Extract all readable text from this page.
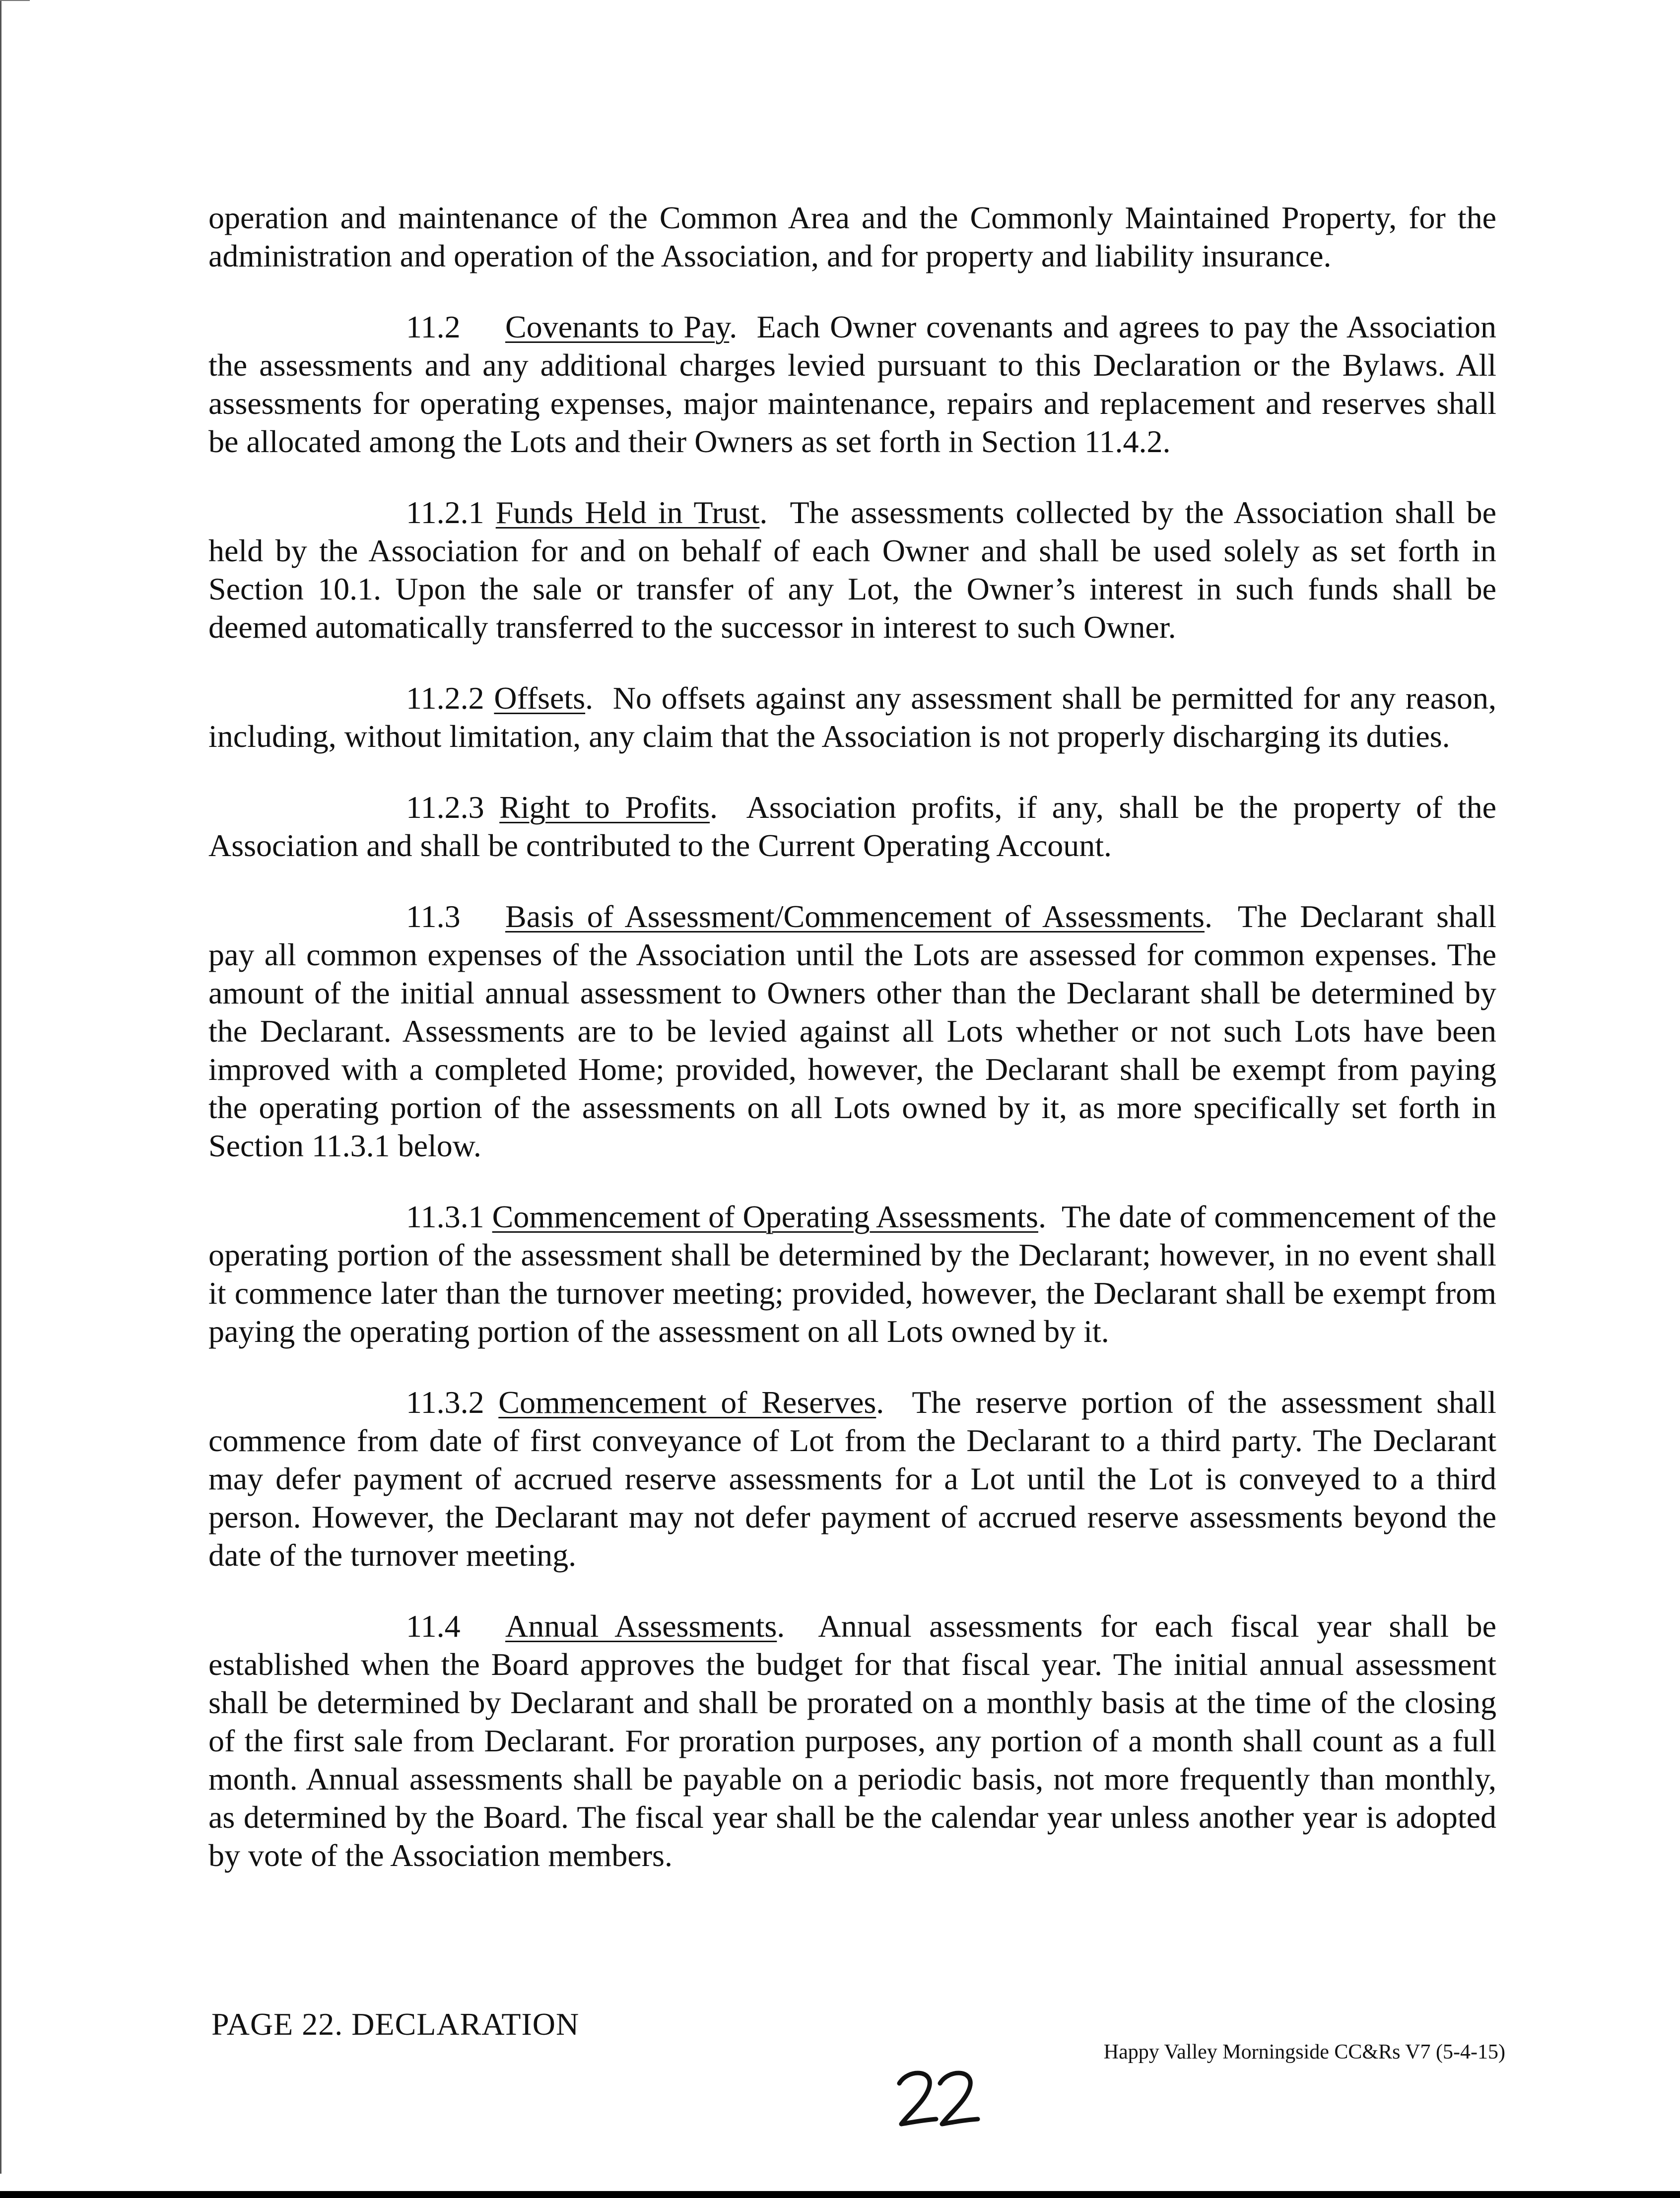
operation and maintenance of the Common Area and the Commonly Maintained Property, for the administration and operation of the Association, and for property and liability insurance.

11.2 Covenants to Pay.  Each Owner covenants and agrees to pay the Association the assessments and any additional charges levied pursuant to this Declaration or the Bylaws. All assessments for operating expenses, major maintenance, repairs and replacement and reserves shall be allocated among the Lots and their Owners as set forth in Section 11.4.2.

11.2.1 Funds Held in Trust.  The assessments collected by the Association shall be held by the Association for and on behalf of each Owner and shall be used solely as set forth in Section 10.1. Upon the sale or transfer of any Lot, the Owner’s interest in such funds shall be deemed automatically transferred to the successor in interest to such Owner.

11.2.2 Offsets.  No offsets against any assessment shall be permitted for any reason, including, without limitation, any claim that the Association is not properly discharging its duties.

11.2.3 Right to Profits.  Association profits, if any, shall be the property of the Association and shall be contributed to the Current Operating Account.

11.3 Basis of Assessment/Commencement of Assessments.  The Declarant shall pay all common expenses of the Association until the Lots are assessed for common expenses. The amount of the initial annual assessment to Owners other than the Declarant shall be determined by the Declarant. Assessments are to be levied against all Lots whether or not such Lots have been improved with a completed Home; provided, however, the Declarant shall be exempt from paying the operating portion of the assessments on all Lots owned by it, as more specifically set forth in Section 11.3.1 below.

11.3.1 Commencement of Operating Assessments.  The date of commencement of the operating portion of the assessment shall be determined by the Declarant; however, in no event shall it commence later than the turnover meeting; provided, however, the Declarant shall be exempt from paying the operating portion of the assessment on all Lots owned by it.

11.3.2 Commencement of Reserves.  The reserve portion of the assessment shall commence from date of first conveyance of Lot from the Declarant to a third party. The Declarant may defer payment of accrued reserve assessments for a Lot until the Lot is conveyed to a third person. However, the Declarant may not defer payment of accrued reserve assessments beyond the date of the turnover meeting.

11.4 Annual Assessments.  Annual assessments for each fiscal year shall be established when the Board approves the budget for that fiscal year. The initial annual assessment shall be determined by Declarant and shall be prorated on a monthly basis at the time of the closing of the first sale from Declarant. For proration purposes, any portion of a month shall count as a full month. Annual assessments shall be payable on a periodic basis, not more frequently than monthly, as determined by the Board. The fiscal year shall be the calendar year unless another year is adopted by vote of the Association members.

PAGE 22. DECLARATION
Happy Valley Morningside CC&Rs V7 (5-4-15)
